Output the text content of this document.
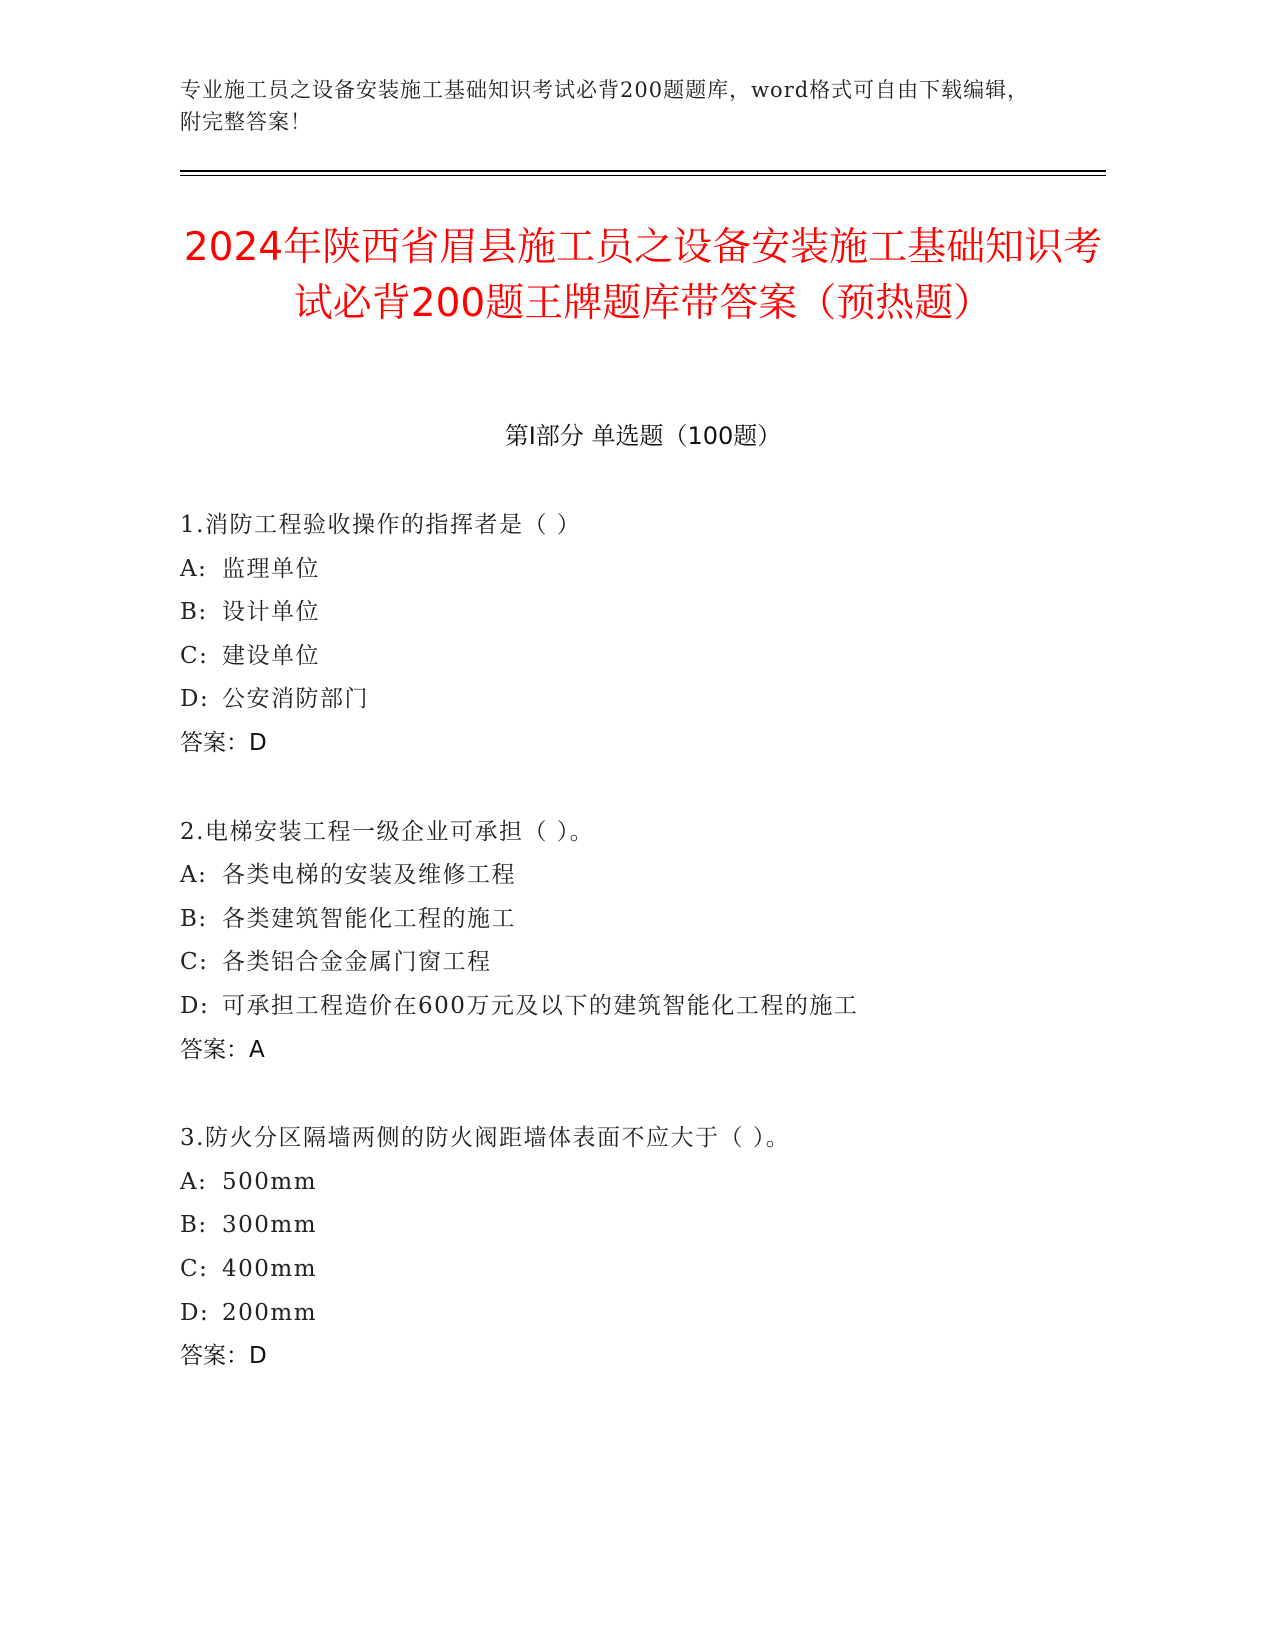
专业施工员之设备安装施工基础知识考试必背200题题库，word格式可自由下载编辑，附完整答案！
2024年陕西省眉县施工员之设备安装施工基础知识考试必背200题王牌题库带答案（预热题）
第I部分 单选题（100题）
1.消防工程验收操作的指挥者是（ ）
A: 监理单位
B: 设计单位
C: 建设单位
D: 公安消防部门
答案：D
2.电梯安装工程一级企业可承担（ ）。
A: 各类电梯的安装及维修工程
B: 各类建筑智能化工程的施工
C: 各类铝合金金属门窗工程
D: 可承担工程造价在600万元及以下的建筑智能化工程的施工
答案：A
3.防火分区隔墙两侧的防火阀距墙体表面不应大于（ ）。
A: 500mm
B: 300mm
C: 400mm
D: 200mm
答案：D
